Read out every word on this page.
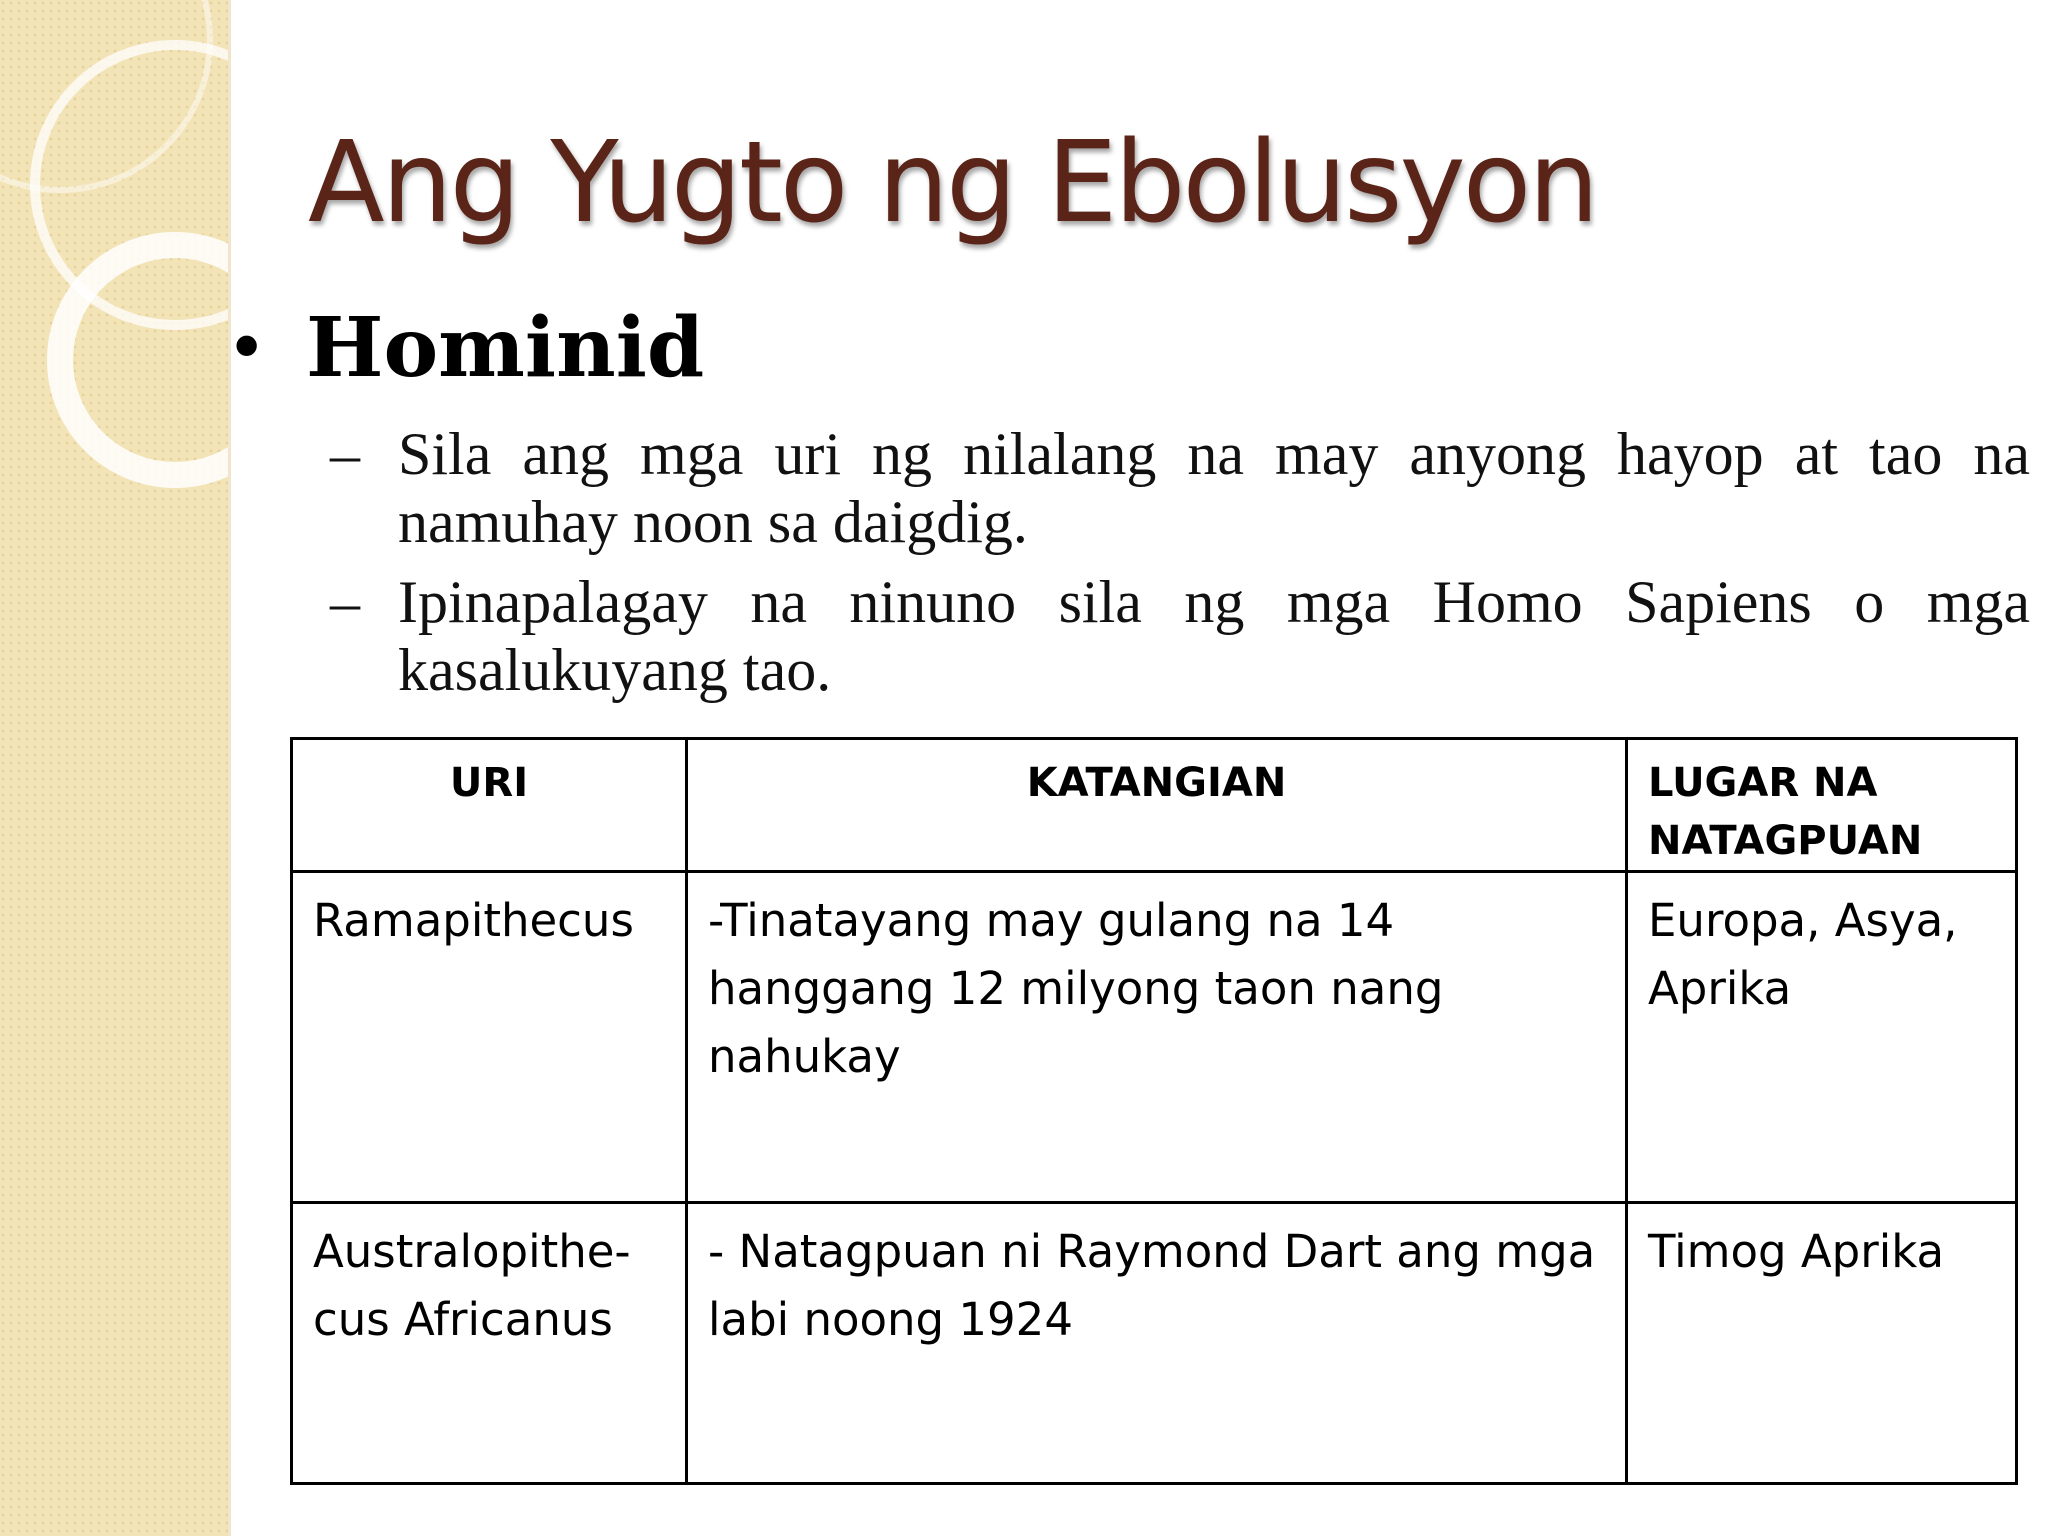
Ang Yugto ng Ebolusyon
• Hominid
– Sila ang mga uri ng nilalang na may anyong hayop at tao na namuhay noon sa daigdig.
– Ipinapalagay na ninuno sila ng mga Homo Sapiens o mga kasalukuyang tao.
URI	KATANGIAN	LUGAR NA NATAGPUAN
Ramapithecus	-Tinatayang may gulang na 14 hanggang 12 milyong taon nang nahukay	Europa, Asya, Aprika
Australopithe-cus Africanus	- Natagpuan ni Raymond Dart ang mga labi noong 1924	Timog Aprika
